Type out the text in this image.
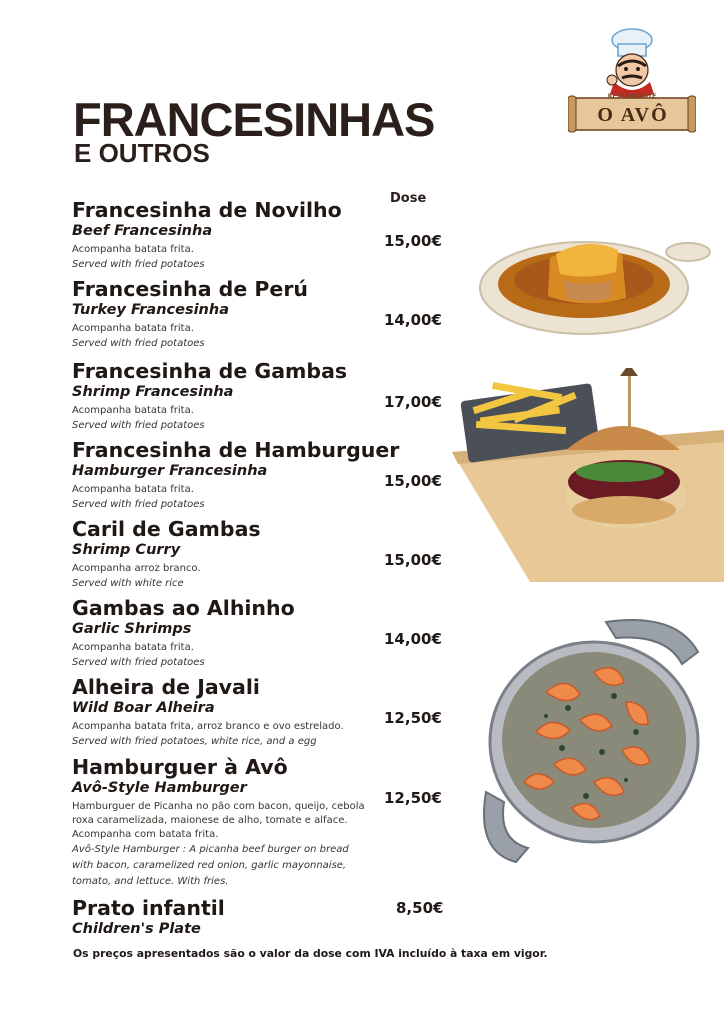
RESTAURANTE
O AVÔ
FRANCESINHAS
E OUTROS
Dose
Francesinha de Novilho
Beef Francesinha
Acompanha batata frita.
Served with fried potatoes
15,00€
Francesinha de Perú
Turkey Francesinha
Acompanha batata frita.
Served with fried potatoes
14,00€
Francesinha de Gambas
Shrimp Francesinha
Acompanha batata frita.
Served with fried potatoes
17,00€
Francesinha de Hamburguer
Hamburger Francesinha
Acompanha batata frita.
Served with fried potatoes
15,00€
Caril de Gambas
Shrimp Curry
Acompanha arroz branco.
Served with white rice
15,00€
Gambas ao Alhinho
Garlic Shrimps
Acompanha batata frita.
Served with fried potatoes
14,00€
Alheira de Javali
Wild Boar Alheira
Acompanha batata frita, arroz branco e ovo estrelado.
Served with fried potatoes, white rice, and a egg
12,50€
Hamburguer à Avô
Avô-Style Hamburger
Hamburguer de Picanha no pão com bacon, queijo, cebola roxa caramelizada, maionese de alho, tomate e alface. Acompanha com batata frita.
Avô-Style Hamburger : A picanha beef burger on bread with bacon, caramelized red onion, garlic mayonnaise, tomato, and lettuce. With fries.
12,50€
Prato infantil
Children's Plate
8,50€
Os preços apresentados são o valor da dose com IVA incluído à taxa em vigor.
